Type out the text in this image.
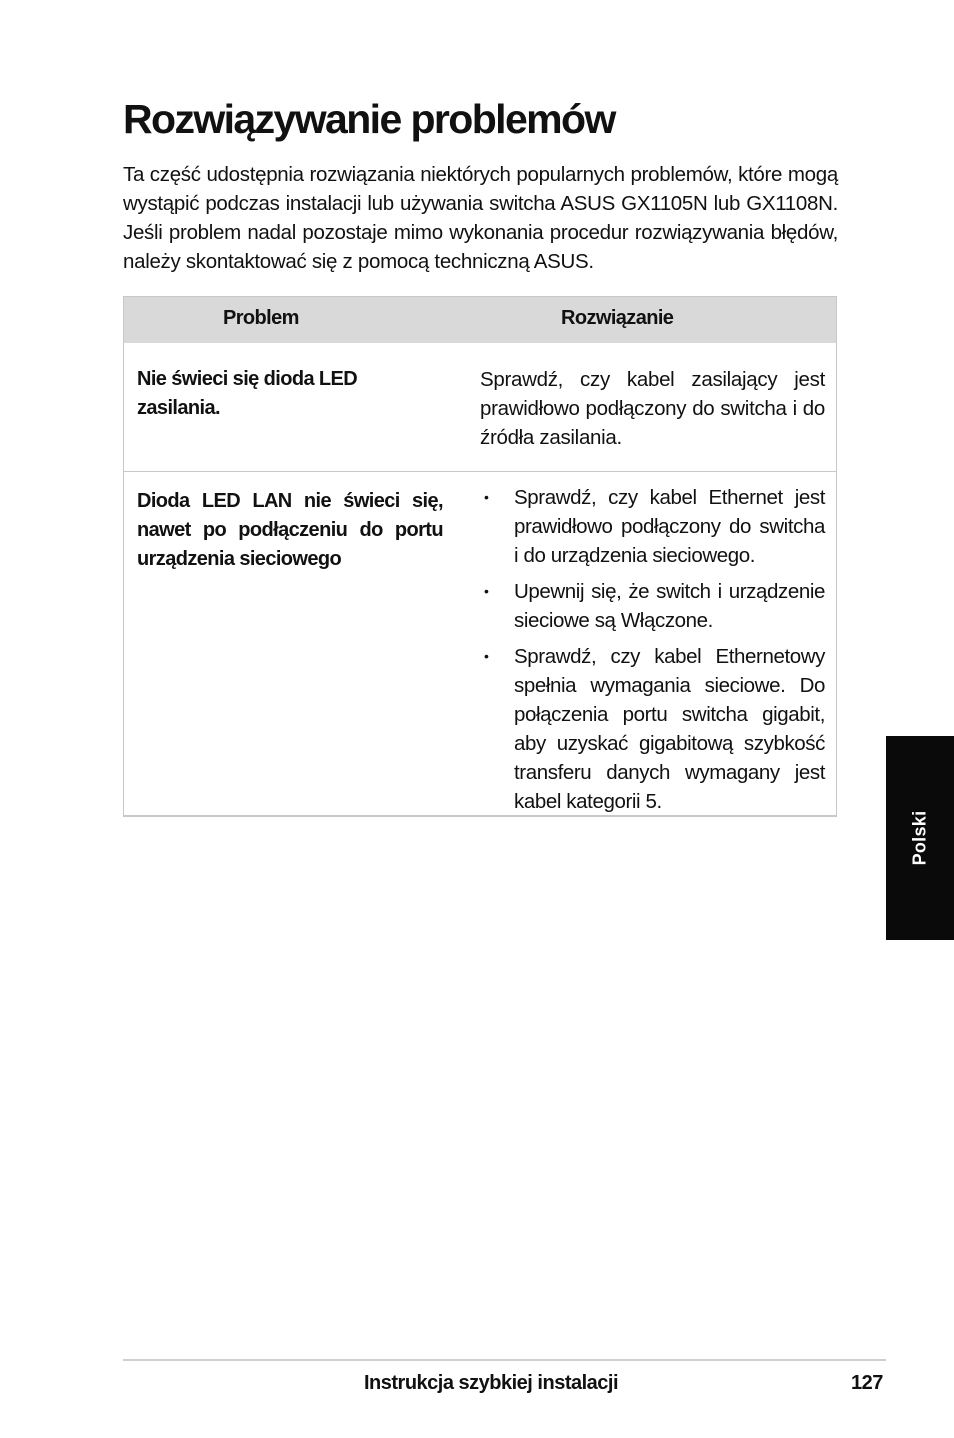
Rozwiązywanie problemów

Ta część udostępnia rozwiązania niektórych popularnych problemów, które mogą wystąpić podczas instalacji lub używania switcha ASUS GX1105N lub GX1108N. Jeśli problem nadal pozostaje mimo wykonania procedur rozwiązywania błędów, należy skontaktować się z pomocą techniczną ASUS.

Problem	Rozwiązanie
Nie świeci się dioda LED zasilania.
Sprawdź, czy kabel zasilający jest prawidłowo podłączony do switcha i do źródła zasilania.
Dioda LED LAN nie świeci się, nawet po podłączeniu do portu urządzenia sieciowego
• Sprawdź, czy kabel Ethernet jest prawidłowo podłączony do switcha i do urządzenia sieciowego.
• Upewnij się, że switch i urządzenie sieciowe są Włączone.
• Sprawdź, czy kabel Ethernetowy spełnia wymagania sieciowe. Do połączenia portu switcha gigabit, aby uzyskać gigabitową szybkość transferu danych wymagany jest kabel kategorii 5.
Polski
Instrukcja szybkiej instalacji	127
